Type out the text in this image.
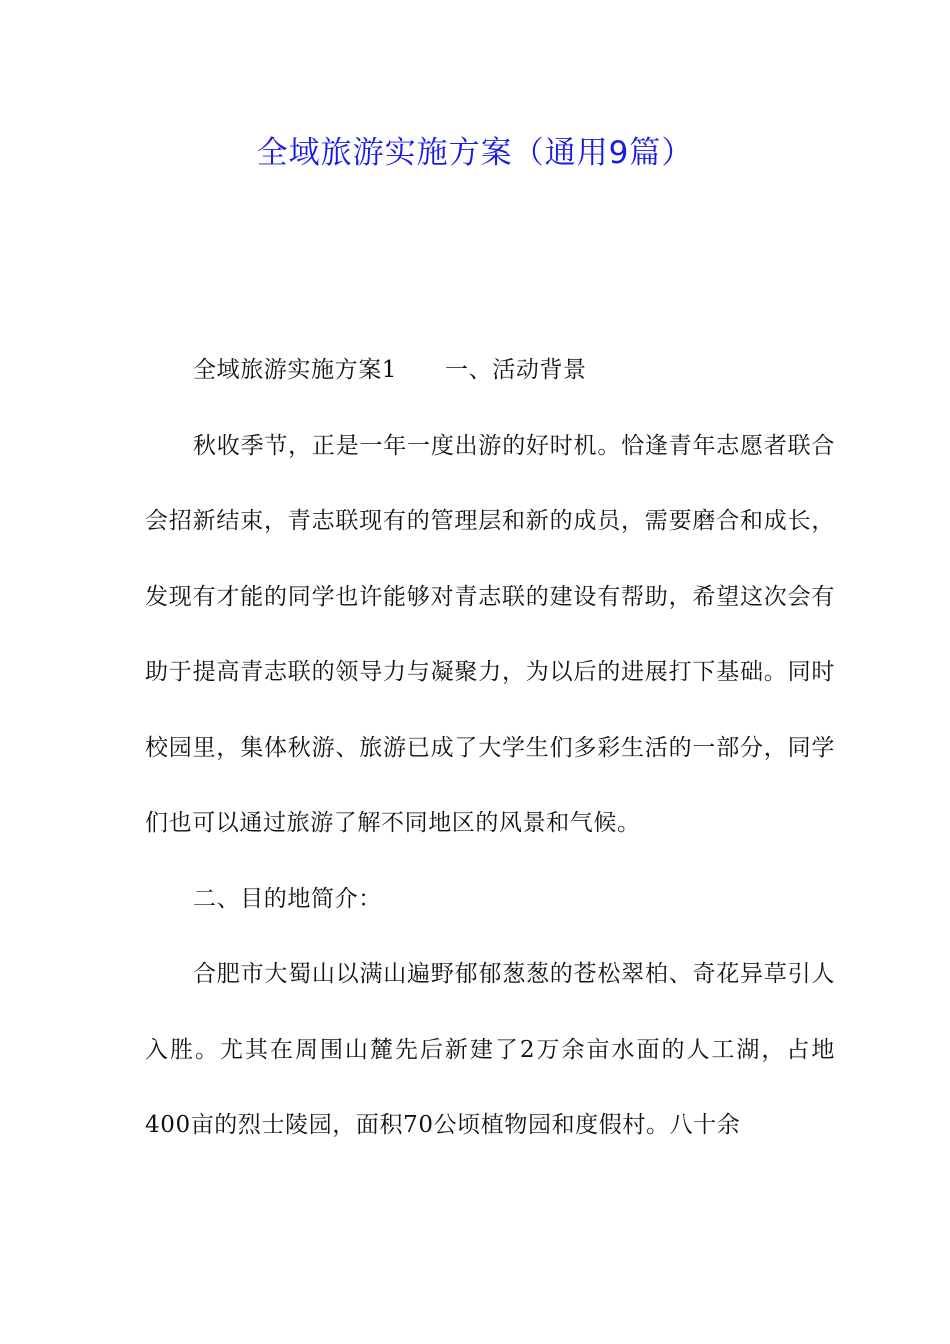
全域旅游实施方案（通用9篇）

全域旅游实施方案1 一、活动背景

秋收季节，正是一年一度出游的好时机。恰逢青年志愿者联合会招新结束，青志联现有的管理层和新的成员，需要磨合和成长，发现有才能的同学也许能够对青志联的建设有帮助，希望这次会有助于提高青志联的领导力与凝聚力，为以后的进展打下基础。同时校园里，集体秋游、旅游已成了大学生们多彩生活的一部分，同学们也可以通过旅游了解不同地区的风景和气候。

二、目的地简介：

合肥市大蜀山以满山遍野郁郁葱葱的苍松翠柏、奇花异草引人入胜。尤其在周围山麓先后新建了2万余亩水面的人工湖，占地400亩的烈士陵园，面积70公顷植物园和度假村。八十余
